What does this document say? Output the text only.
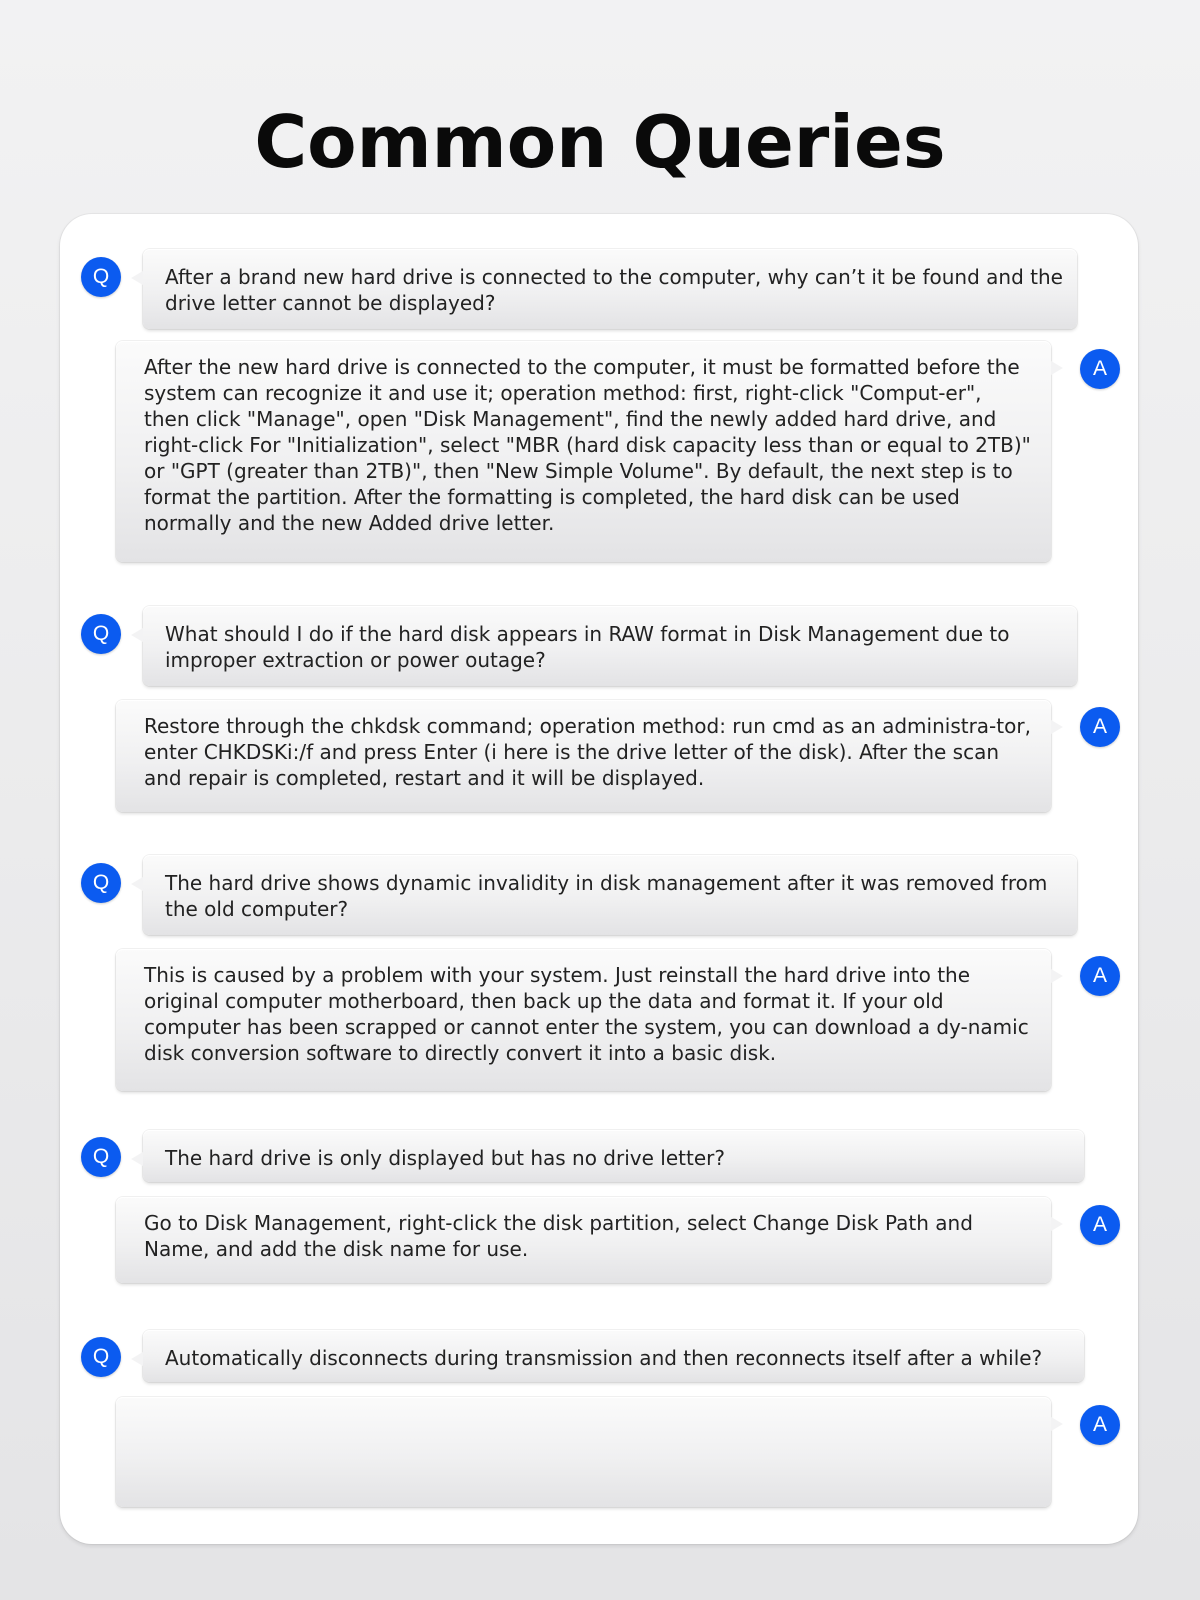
Common Queries
Q	After a brand new hard drive is connected to the computer, why can’t it be found and the drive letter cannot be displayed?
After the new hard drive is connected to the computer, it must be formatted before the system can recognize it and use it; operation method: first, right-click "Comput-er", then click "Manage", open "Disk Management", find the newly added hard drive, and right-click For "Initialization", select "MBR (hard disk capacity less than or equal to 2TB)" or "GPT (greater than 2TB)", then "New Simple Volume". By default, the next step is to format the partition. After the formatting is completed, the hard disk can be used normally and the new Added drive letter.
A
Q	What should I do if the hard disk appears in RAW format in Disk Management due to improper extraction or power outage?
Restore through the chkdsk command; operation method: run cmd as an administra-tor, enter CHKDSKi:/f and press Enter (i here is the drive letter of the disk). After the scan and repair is completed, restart and it will be displayed.
A
Q	The hard drive shows dynamic invalidity in disk management after it was removed from the old computer?
This is caused by a problem with your system. Just reinstall the hard drive into the original computer motherboard, then back up the data and format it. If your old computer has been scrapped or cannot enter the system, you can download a dy-namic disk conversion software to directly convert it into a basic disk.
A
Q	The hard drive is only displayed but has no drive letter?
Go to Disk Management, right-click the disk partition, select Change Disk Path and Name, and add the disk name for use.
A
Q	Automatically disconnects during transmission and then reconnects itself after a while?
A
